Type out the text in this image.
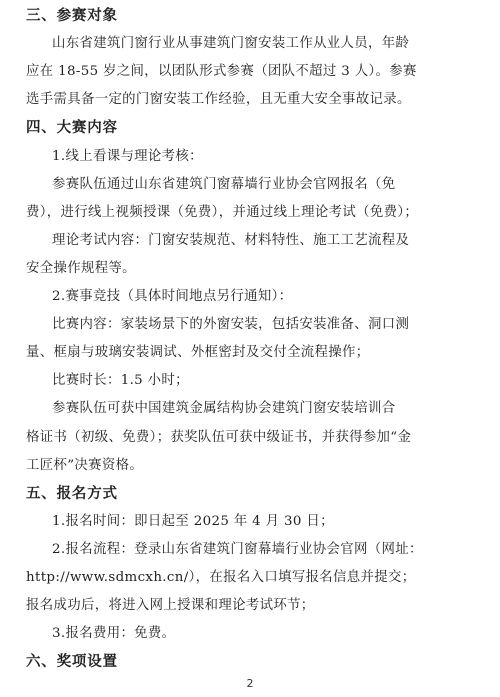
三、参赛对象
山东省建筑门窗行业从事建筑门窗安装工作从业人员，年龄
应在 18-55 岁之间，以团队形式参赛（团队不超过 3 人）。参赛
选手需具备一定的门窗安装工作经验，且无重大安全事故记录。
四、大赛内容
1.线上看课与理论考核：
参赛队伍通过山东省建筑门窗幕墙行业协会官网报名（免
费），进行线上视频授课（免费），并通过线上理论考试（免费）；
理论考试内容：门窗安装规范、材料特性、施工工艺流程及
安全操作规程等。
2.赛事竞技（具体时间地点另行通知）：
比赛内容：家装场景下的外窗安装，包括安装准备、洞口测
量、框扇与玻璃安装调试、外框密封及交付全流程操作；
比赛时长：1.5 小时；
参赛队伍可获中国建筑金属结构协会建筑门窗安装培训合
格证书（初级、免费）；获奖队伍可获中级证书，并获得参加“金
工匠杯”决赛资格。
五、报名方式
1.报名时间：即日起至 2025 年 4 月 30 日；
2.报名流程：登录山东省建筑门窗幕墙行业协会官网（网址：
http://www.sdmcxh.cn/），在报名入口填写报名信息并提交；
报名成功后，将进入网上授课和理论考试环节；
3.报名费用：免费。
六、奖项设置
2
